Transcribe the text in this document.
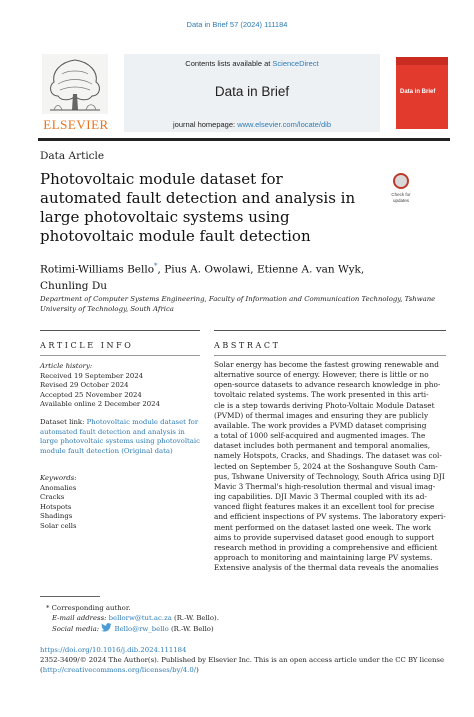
Data in Brief 57 (2024) 111184
ELSEVIER
Contents lists available at ScienceDirect
Data in Brief
journal homepage: www.elsevier.com/locate/dib
Data in Brief
Data Article
Photovoltaic module dataset for automated fault detection and analysis in large photovoltaic systems using photovoltaic module fault detection
Check for
updates
Rotimi-Williams Bello*, Pius A. Owolawi, Etienne A. van Wyk,
Chunling Du
Department of Computer Systems Engineering, Faculty of Information and Communication Technology, Tshwane University of Technology, South Africa
ARTICLE INFO	ABSTRACT
Article history:
Received 19 September 2024
Revised 29 October 2024
Accepted 25 November 2024
Available online 2 December 2024
Dataset link: Photovoltaic module dataset for automated fault detection and analysis in large photovoltaic systems using photovoltaic module fault detection (Original data)
Keywords:
Anomalies
Cracks
Hotspots
Shadings
Solar cells
Solar energy has become the fastest growing renewable and
alternative source of energy. However, there is little or no
open-source datasets to advance research knowledge in pho-
tovoltaic related systems. The work presented in this arti-
cle is a step towards deriving Photo-Voltaic Module Dataset
(PVMD) of thermal images and ensuring they are publicly
available. The work provides a PVMD dataset comprising
a total of 1000 self-acquired and augmented images. The
dataset includes both permanent and temporal anomalies,
namely Hotspots, Cracks, and Shadings. The dataset was col-
lected on September 5, 2024 at the Soshanguve South Cam-
pus, Tshwane University of Technology, South Africa using DJI
Mavic 3 Thermal's high-resolution thermal and visual imag-
ing capabilities. DJI Mavic 3 Thermal coupled with its ad-
vanced flight features makes it an excellent tool for precise
and efficient inspections of PV systems. The laboratory experi-
ment performed on the dataset lasted one week. The work
aims to provide supervised dataset good enough to support
research method in providing a comprehensive and efficient
approach to monitoring and maintaining large PV systems.
Extensive analysis of the thermal data reveals the anomalies
* Corresponding author.
E-mail address: bellorw@tut.ac.za (R.-W. Bello).
Social media: Bello@rw_bello (R.-W. Bello)
https://doi.org/10.1016/j.dib.2024.111184
2352-3409/© 2024 The Author(s). Published by Elsevier Inc. This is an open access article under the CC BY license
(http://creativecommons.org/licenses/by/4.0/)
